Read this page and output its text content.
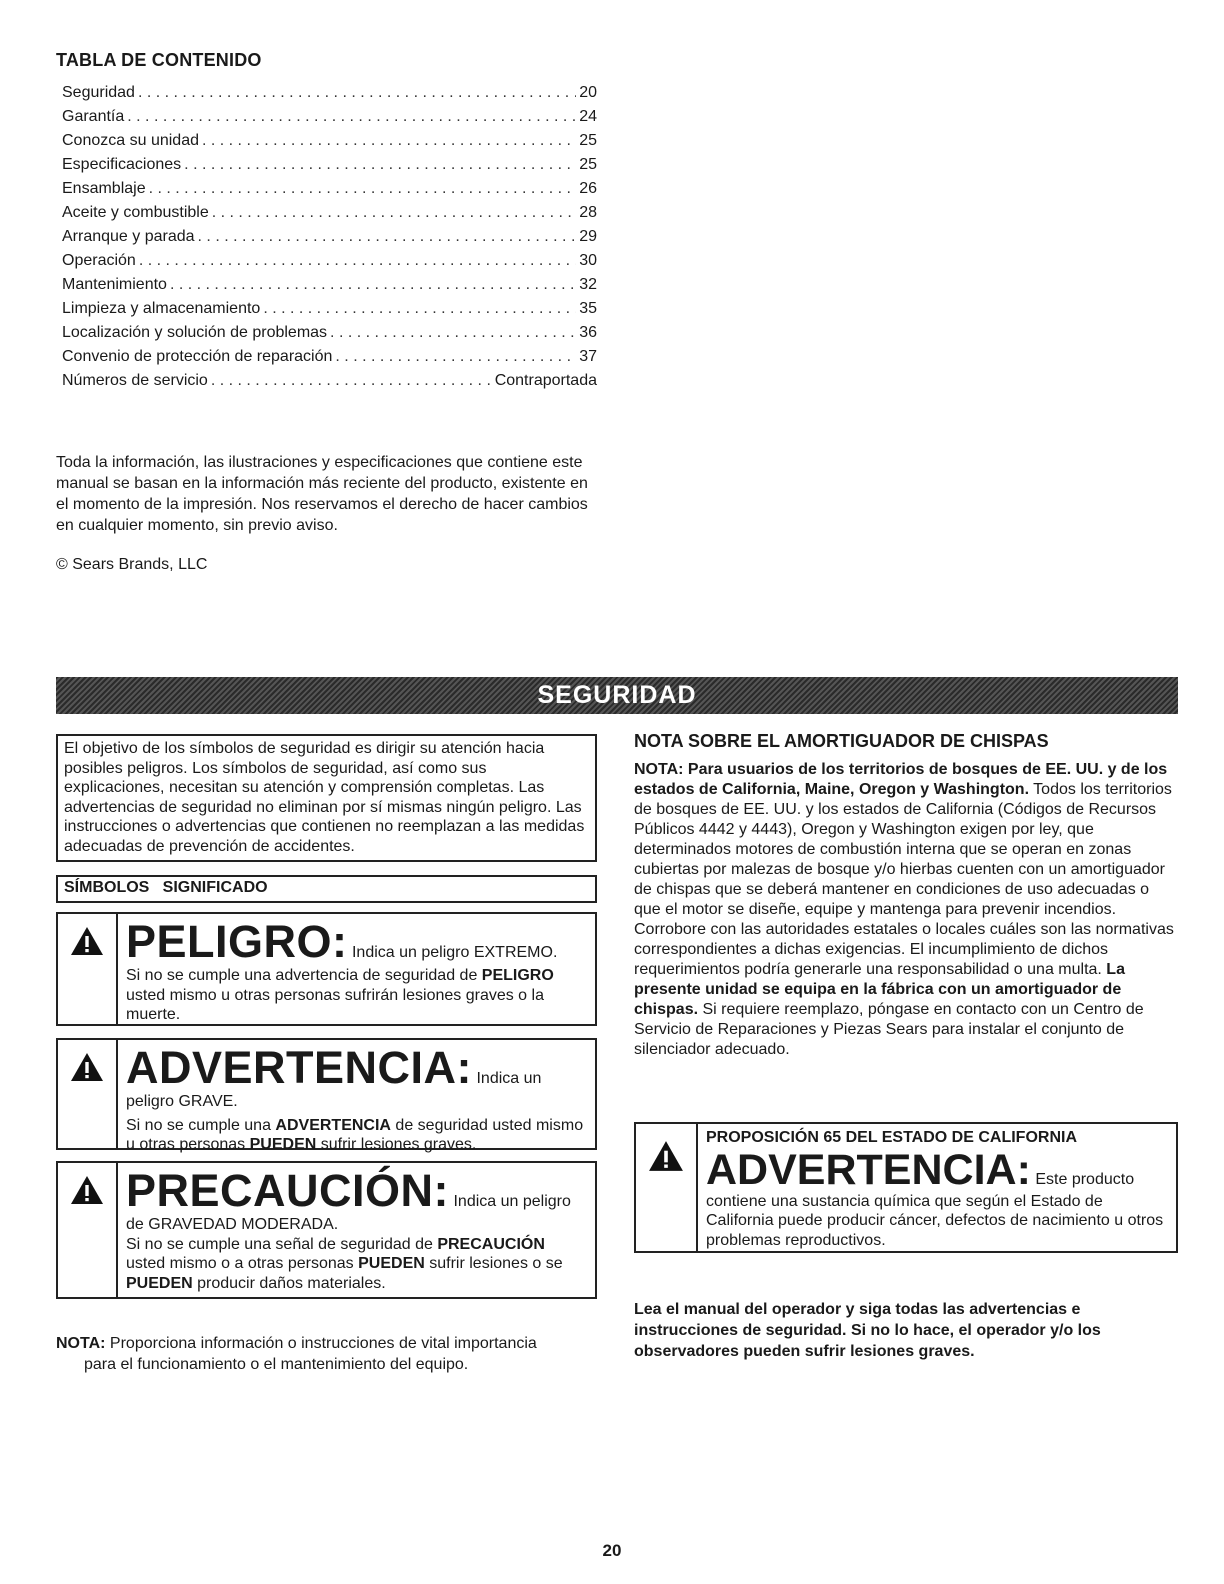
TABLA DE CONTENIDO
Seguridad . . .	20
Garantía . . .	24
Conozca su unidad . . .	25
Especificaciones . . .	25
Ensamblaje . . .	26
Aceite y combustible . . .	28
Arranque y parada . . .	29
Operación . . .	30
Mantenimiento . . .	32
Limpieza y almacenamiento . . .	35
Localización y solución de problemas . . .	36
Convenio de protección de reparación . . .	37
Números de servicio . . .	Contraportada
Toda la información, las ilustraciones y especificaciones que contiene este manual se basan en la información más reciente del producto, existente en el momento de la impresión. Nos reservamos el derecho de hacer cambios en cualquier momento, sin previo aviso.
© Sears Brands, LLC
SEGURIDAD
El objetivo de los símbolos de seguridad es dirigir su atención hacia posibles peligros. Los símbolos de seguridad, así como sus explicaciones, necesitan su atención y comprensión completas. Las advertencias de seguridad no eliminan por sí mismas ningún peligro. Las instrucciones o advertencias que contienen no reemplazan a las medidas adecuadas de prevención de accidentes.
SÍMBOLOS   SIGNIFICADO
PELIGRO: Indica un peligro EXTREMO.
Si no se cumple una advertencia de seguridad de PELIGRO usted mismo u otras personas sufrirán lesiones graves o la muerte.
ADVERTENCIA: Indica un peligro GRAVE.
Si no se cumple una ADVERTENCIA de seguridad usted mismo u otras personas PUEDEN sufrir lesiones graves.
PRECAUCIÓN: Indica un peligro de GRAVEDAD MODERADA.
Si no se cumple una señal de seguridad de PRECAUCIÓN usted mismo o a otras personas PUEDEN sufrir lesiones o se PUEDEN producir daños materiales.
NOTA: Proporciona información o instrucciones de vital importancia
para el funcionamiento o el mantenimiento del equipo.
NOTA SOBRE EL AMORTIGUADOR DE CHISPAS
NOTA: Para usuarios de los territorios de bosques de EE. UU. y de los estados de California, Maine, Oregon y Washington. Todos los territorios de bosques de EE. UU. y los estados de California (Códigos de Recursos Públicos 4442 y 4443), Oregon y Washington exigen por ley, que determinados motores de combustión interna que se operan en zonas cubiertas por malezas de bosque y/o hierbas cuenten con un amortiguador de chispas que se deberá mantener en condiciones de uso adecuadas o que el motor se diseñe, equipe y mantenga para prevenir incendios. Corrobore con las autoridades estatales o locales cuáles son las normativas correspondientes a dichas exigencias. El incumplimiento de dichos requerimientos podría generarle una responsabilidad o una multa. La presente unidad se equipa en la fábrica con un amortiguador de chispas. Si requiere reemplazo, póngase en contacto con un Centro de Servicio de Reparaciones y Piezas Sears para instalar el conjunto de silenciador adecuado.
PROPOSICIÓN 65 DEL ESTADO DE CALIFORNIA
ADVERTENCIA: Este producto contiene una sustancia química que según el Estado de California puede producir cáncer, defectos de nacimiento u otros problemas reproductivos.
Lea el manual del operador y siga todas las advertencias e instrucciones de seguridad. Si no lo hace, el operador y/o los observadores pueden sufrir lesiones graves.
20
